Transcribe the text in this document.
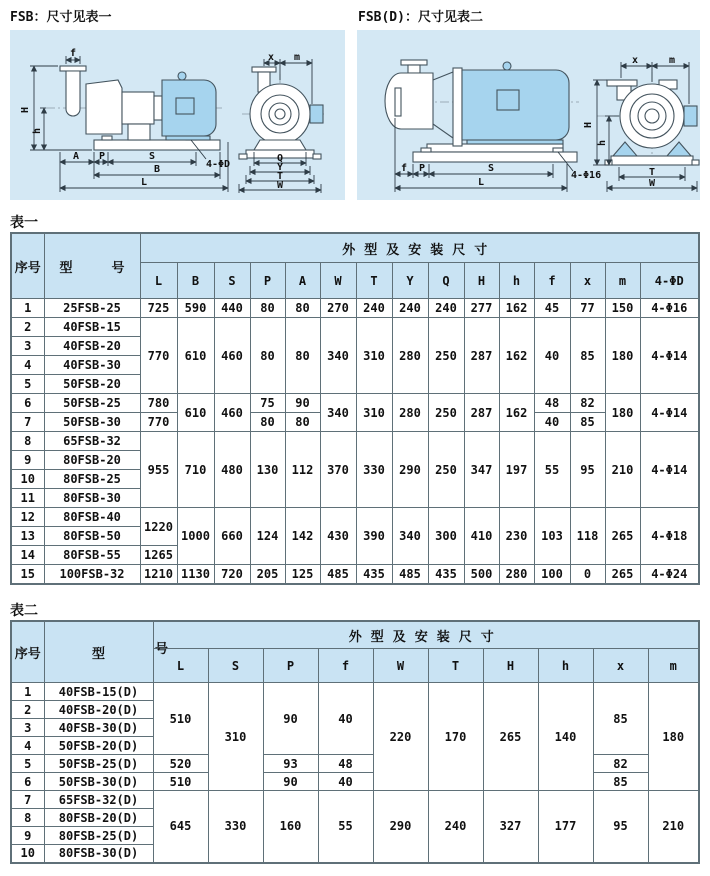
FSB：尺寸见表一	FSB(D)：尺寸见表二
f
H
h
A P	S
4-ΦD
B
L
x m
Q
Y
T
W
f P	S
L
4-Φ16
x	m
H
h
T
W
表一
序号	型　　　号	外型及安装尺寸														
		L	B	S	P	A	W	T	Y	Q	H	h	f	x	m	4-ΦD
1	25FSB-25	725	590	440	80	80	270	240	240	240	277	162	45	77	150	4-Φ16
2	40FSB-15	770	610	460	80	80	340	310	280	250	287	162	40	85	180	4-Φ14
3	40FSB-20															
4	40FSB-30															
5	50FSB-20															
6	50FSB-25	780	610	460	75	90	340	310	280	250	287	162	48	82	180	4-Φ14
7	50FSB-30	770			80	80							40	85		
8	65FSB-32	955	710	480	130	112	370	330	290	250	347	197	55	95	210	4-Φ14
9	80FSB-20															
10	80FSB-25															
11	80FSB-30															
12	80FSB-40	1220	1000	660	124	142	430	390	340	300	410	230	103	118	265	4-Φ18
13	80FSB-50															
14	80FSB-55	1265														
15	100FSB-32	1210	1130	720	205	125	485	435	485	435	500	280	100	0	265	4-Φ24
表二
号
序号	型	外型及安装尺寸									
		L	S	P	f	W	T	H	h	x	m
1	40FSB-15(D)	510	310	90	40	220	170	265	140	85	180
2	40FSB-20(D)										
3	40FSB-30(D)										
4	50FSB-20(D)										
5	50FSB-25(D)	520		93	48					82	
6	50FSB-30(D)	510		90	40					85	
7	65FSB-32(D)	645	330	160	55	290	240	327	177	95	210
8	80FSB-20(D)										
9	80FSB-25(D)										
10	80FSB-30(D)										
